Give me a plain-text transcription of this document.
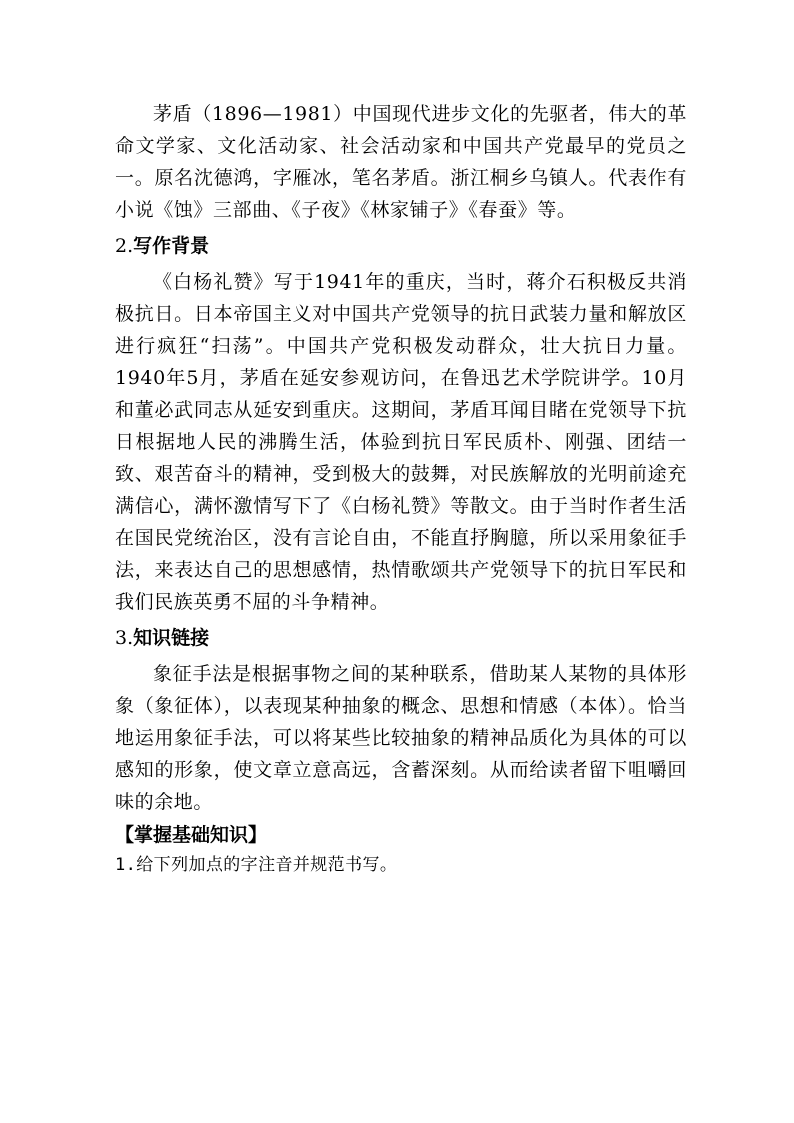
茅盾（1896—1981）中国现代进步文化的先驱者，伟大的革命文学家、文化活动家、社会活动家和中国共产党最早的党员之一。原名沈德鸿，字雁冰，笔名茅盾。浙江桐乡乌镇人。代表作有小说《蚀》三部曲、《子夜》《林家铺子》《春蚕》等。

2.写作背景

《白杨礼赞》写于1941年的重庆，当时，蒋介石积极反共消极抗日。日本帝国主义对中国共产党领导的抗日武装力量和解放区进行疯狂“扫荡”。中国共产党积极发动群众，壮大抗日力量。1940年5月，茅盾在延安参观访问，在鲁迅艺术学院讲学。10月和董必武同志从延安到重庆。这期间，茅盾耳闻目睹在党领导下抗日根据地人民的沸腾生活，体验到抗日军民质朴、刚强、团结一致、艰苦奋斗的精神，受到极大的鼓舞，对民族解放的光明前途充满信心，满怀激情写下了《白杨礼赞》等散文。由于当时作者生活在国民党统治区，没有言论自由，不能直抒胸臆，所以采用象征手法，来表达自己的思想感情，热情歌颂共产党领导下的抗日军民和我们民族英勇不屈的斗争精神。

3.知识链接

象征手法是根据事物之间的某种联系，借助某人某物的具体形象（象征体），以表现某种抽象的概念、思想和情感（本体）。恰当地运用象征手法，可以将某些比较抽象的精神品质化为具体的可以感知的形象，使文章立意高远，含蓄深刻。从而给读者留下咀嚼回味的余地。

【掌握基础知识】

1.给下列加点的字注音并规范书写。
